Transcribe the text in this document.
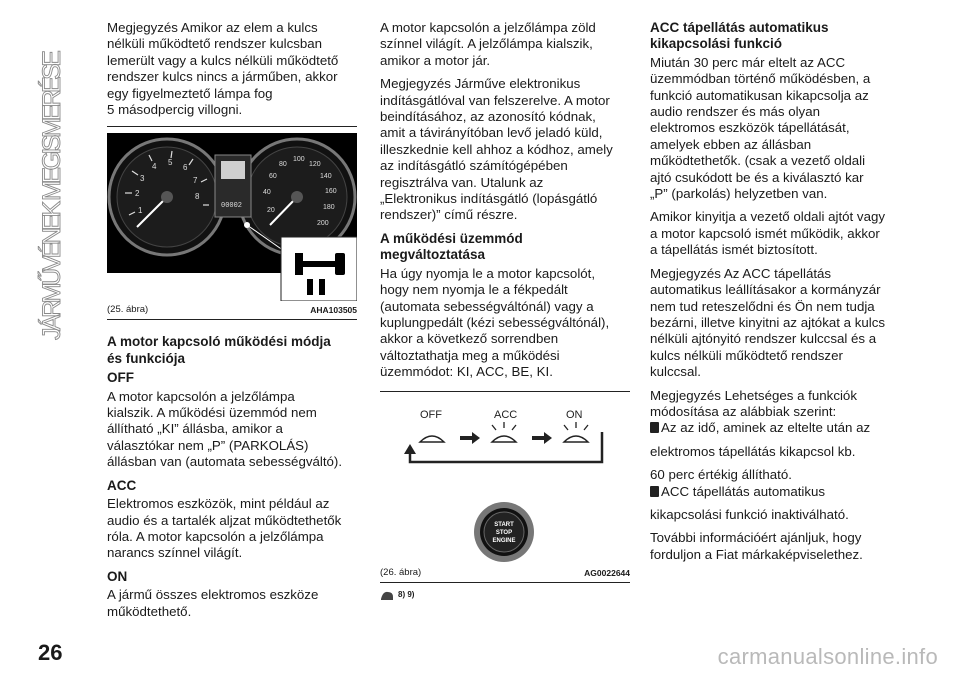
JÁRMŰVÉNEK MEGISMERÉSE

Megjegyzés Amikor az elem a kulcs
nélküli működtető rendszer kulcsban
lemerült vagy a kulcs nélküli működtető
rendszer kulcs nincs a járműben, akkor
egy figyelmeztető lámpa fog
5 másodpercig villogni.

1
2
3
4 5
6
7
8
20
40
60
80
100
120
140
160
180
200
00002
(25. ábra)	AHA103505
A motor kapcsoló működési módja
és funkciója
OFF

A motor kapcsolón a jelzőlámpa
kialszik. A működési üzemmód nem
állítható „KI” állásba, amikor a
választókar nem „P” (PARKOLÁS)
állásban van (automata sebességváltó).

ACC

Elektromos eszközök, mint például az
audio és a tartalék aljzat működtethetők
róla. A motor kapcsolón a jelzőlámpa
narancs színnel világít.

ON

A jármű összes elektromos eszköze
működtethető.

A motor kapcsolón a jelzőlámpa zöld
színnel világít. A jelzőlámpa kialszik,
amikor a motor jár.

Megjegyzés Járműve elektronikus
indításgátlóval van felszerelve. A motor
beindításához, az azonosító kódnak,
amit a távirányítóban levő jeladó küld,
illeszkednie kell ahhoz a kódhoz, amely
az indításgátló számítógépében
regisztrálva van. Utalunk az
„Elektronikus indításgátló (lopásgátló
rendszer)” című részre.

A működési üzemmód
megváltoztatása

Ha úgy nyomja le a motor kapcsolót,
hogy nem nyomja le a fékpedált
(automata sebességváltónál) vagy a
kuplungpedált (kézi sebességváltónál),
akkor a következő sorrendben
változtathatja meg a működési
üzemmódot: KI, ACC, BE, KI.

OFF	ACC	ON
START
STOP
ENGINE
(26. ábra)	AG0022644
8) 9)
ACC tápellátás automatikus
kikapcsolási funkció

Miután 30 perc már eltelt az ACC
üzemmódban történő működésben, a
funkció automatikusan kikapcsolja az
audio rendszer és más olyan
elektromos eszközök tápellátását,
amelyek ebben az állásban
működtethetők. (csak a vezető oldali
ajtó csukódott be és a kiválasztó kar
„P” (parkolás) helyzetben van.

Amikor kinyitja a vezető oldali ajtót vagy
a motor kapcsoló ismét működik, akkor
a tápellátás ismét biztosított.

Megjegyzés Az ACC tápellátás
automatikus leállításakor a kormányzár
nem tud reteszelődni és Ön nem tudja
bezárni, illetve kinyitni az ajtókat a kulcs
nélküli ajtónyitó rendszer kulccsal és a
kulcs nélküli működtető rendszer
kulccsal.

Megjegyzés Lehetséges a funkciók
módosítása az alábbiak szerint:

Az az idő, aminek az eltelte után az

elektromos tápellátás kikapcsol kb.

60 perc értékig állítható.

ACC tápellátás automatikus

kikapcsolási funkció inaktiválható.

További információért ajánljuk, hogy
forduljon a Fiat márkaképviselethez.

26	carmanualsonline.info
